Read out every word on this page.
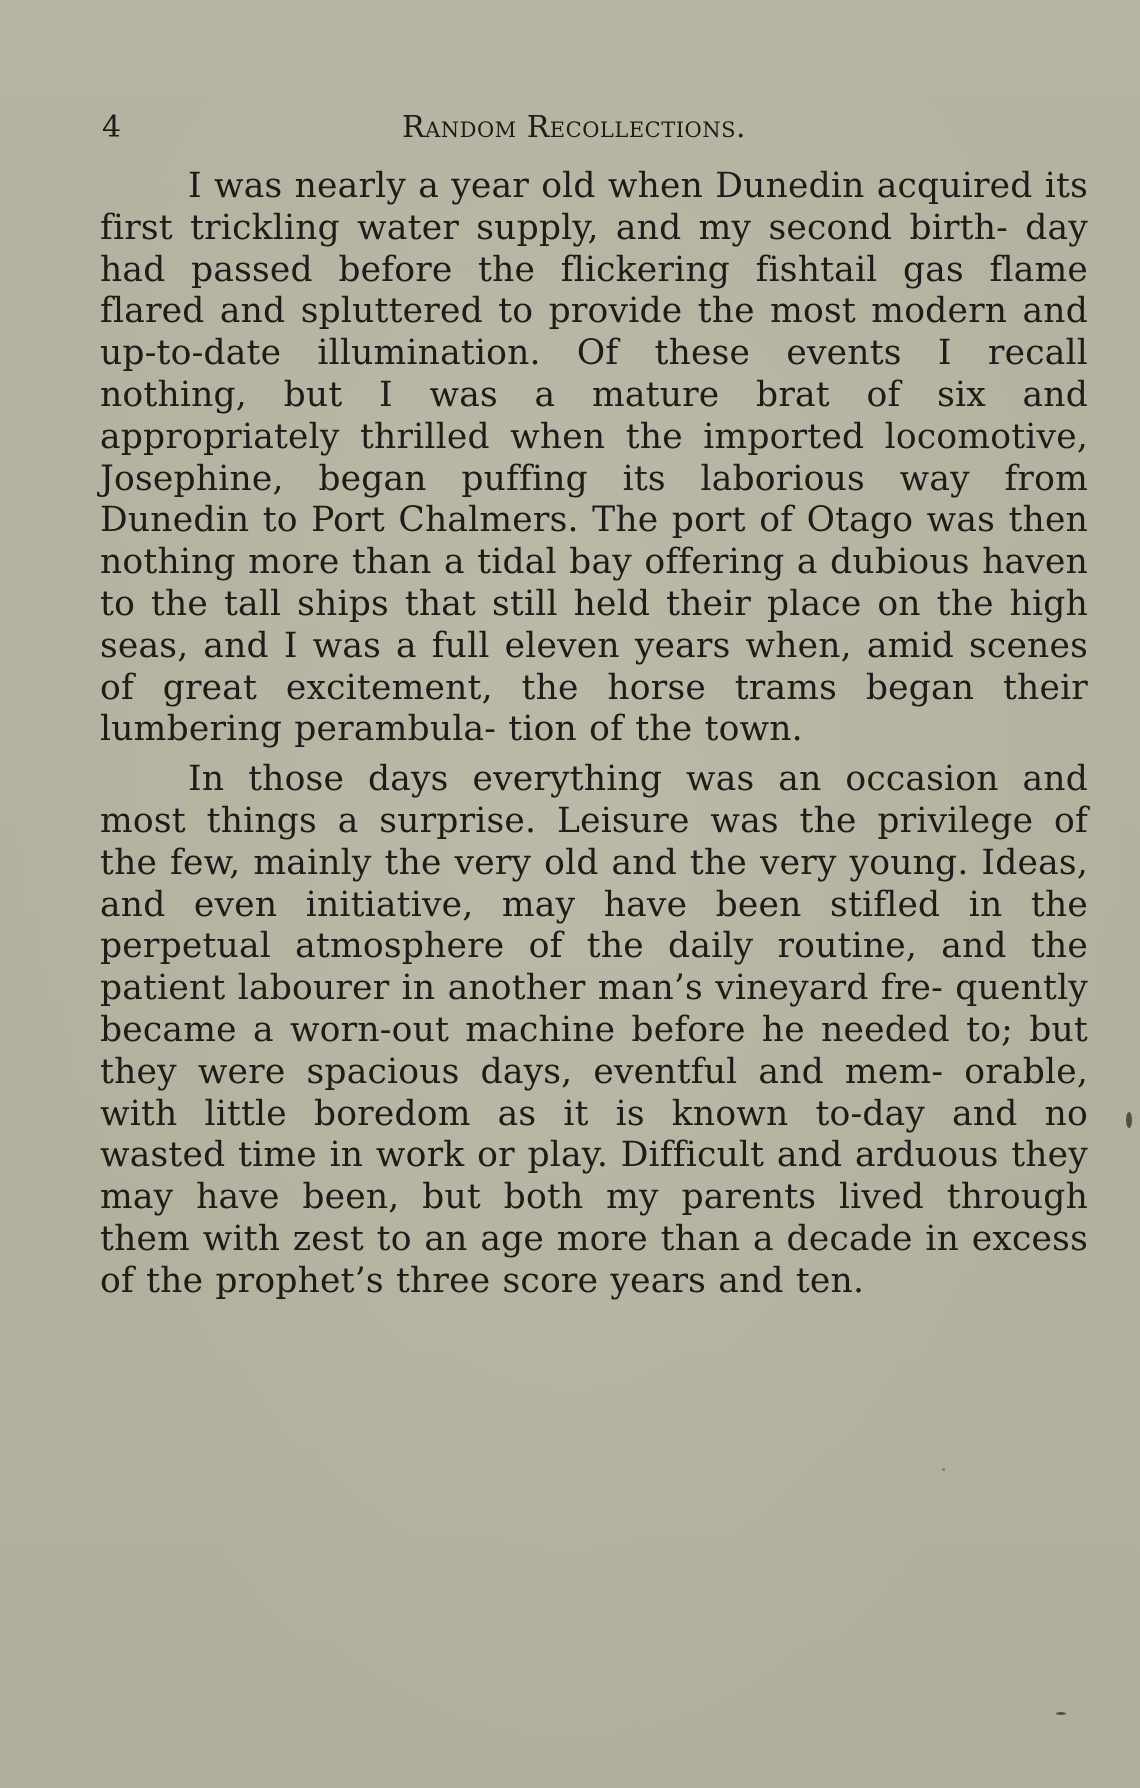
4	Random Recollections.

I was nearly a year old when Dunedin acquired its first trickling water supply, and my second birth- day had passed before the flickering fishtail gas flame flared and spluttered to provide the most modern and up-to-date illumination. Of these events I recall nothing, but I was a mature brat of six and appropriately thrilled when the imported locomotive, Josephine, began puffing its laborious way from Dunedin to Port Chalmers. The port of Otago was then nothing more than a tidal bay offering a dubious haven to the tall ships that still held their place on the high seas, and I was a full eleven years when, amid scenes of great excitement, the horse trams began their lumbering perambula- tion of the town.

In those days everything was an occasion and most things a surprise. Leisure was the privilege of the few, mainly the very old and the very young. Ideas, and even initiative, may have been stifled in the perpetual atmosphere of the daily routine, and the patient labourer in another man’s vineyard fre- quently became a worn-out machine before he needed to; but they were spacious days, eventful and mem- orable, with little boredom as it is known to-day and no wasted time in work or play. Difficult and arduous they may have been, but both my parents lived through them with zest to an age more than a decade in excess of the prophet’s three score years and ten.
